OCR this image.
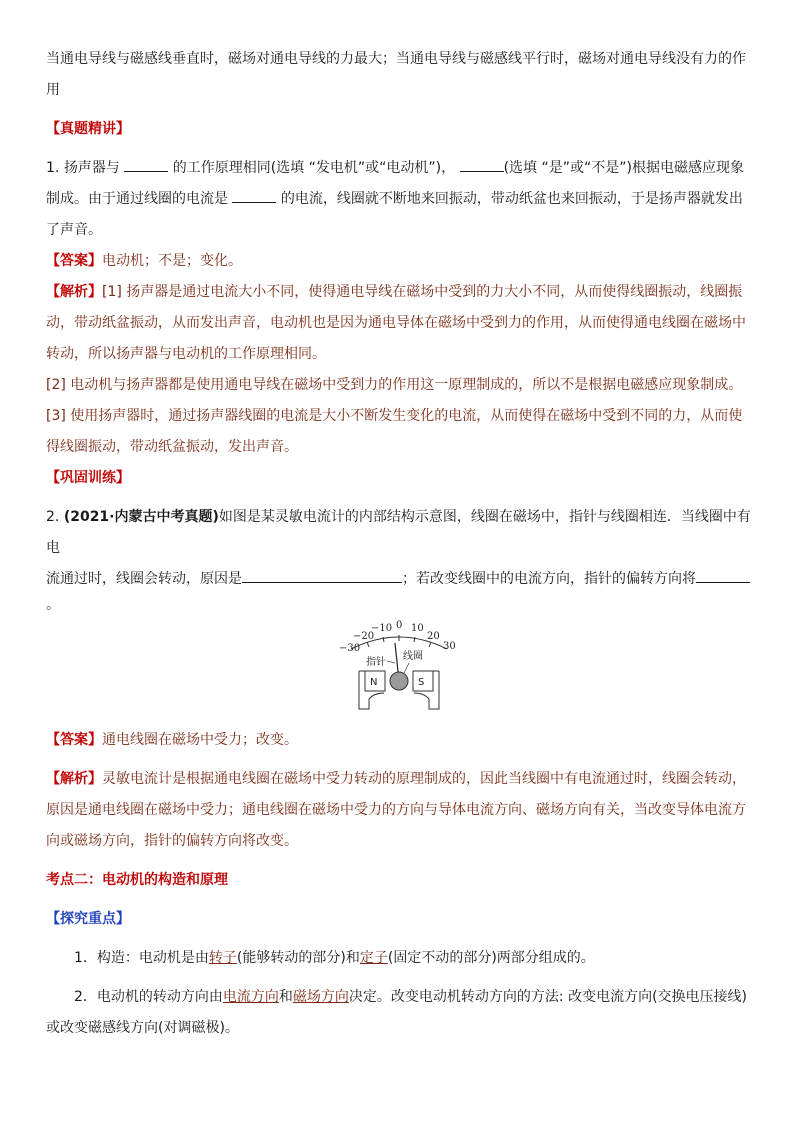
当通电导线与磁感线垂直时，磁场对通电导线的力最大；当通电导线与磁感线平行时，磁场对通电导线没有力的作

用

【真题精讲】

1. 扬声器与	的工作原理相同(选填 “发电机”或“电动机”)，	(选填 “是”或“不是”)根据电磁感应现象

制成。由于通过线圈的电流是	的电流，线圈就不断地来回振动，带动纸盆也来回振动，于是扬声器就发出

了声音。

【答案】电动机；不是；变化。

【解析】[1] 扬声器是通过电流大小不同，使得通电导线在磁场中受到的力大小不同，从而使得线圈振动，线圈振

动，带动纸盆振动，从而发出声音，电动机也是因为通电导体在磁场中受到力的作用，从而使得通电线圈在磁场中

转动，所以扬声器与电动机的工作原理相同。

[2] 电动机与扬声器都是使用通电导线在磁场中受到力的作用这一原理制成的，所以不是根据电磁感应现象制成。

[3] 使用扬声器时，通过扬声器线圈的电流是大小不断发生变化的电流，从而使得在磁场中受到不同的力，从而使

得线圈振动，带动纸盆振动，发出声音。

【巩固训练】

2. (2021·内蒙古中考真题)如图是某灵敏电流计的内部结构示意图，线圈在磁场中，指针与线圈相连．当线圈中有电

流通过时，线圈会转动，原因是	；若改变线圈中的电流方向，指针的偏转方向将

。

−30
−20
−10 0 10
20
30
指针
线圈
N	S

【答案】通电线圈在磁场中受力；改变。

【解析】灵敏电流计是根据通电线圈在磁场中受力转动的原理制成的，因此当线圈中有电流通过时，线圈会转动，

原因是通电线圈在磁场中受力；通电线圈在磁场中受力的方向与导体电流方向、磁场方向有关，当改变导体电流方

向或磁场方向，指针的偏转方向将改变。

考点二：电动机的构造和原理

【探究重点】

1．构造：电动机是由转子(能够转动的部分)和定子(固定不动的部分)两部分组成的。

2．电动机的转动方向由电流方向和磁场方向决定。改变电动机转动方向的方法: 改变电流方向(交换电压接线)

或改变磁感线方向(对调磁极)。
